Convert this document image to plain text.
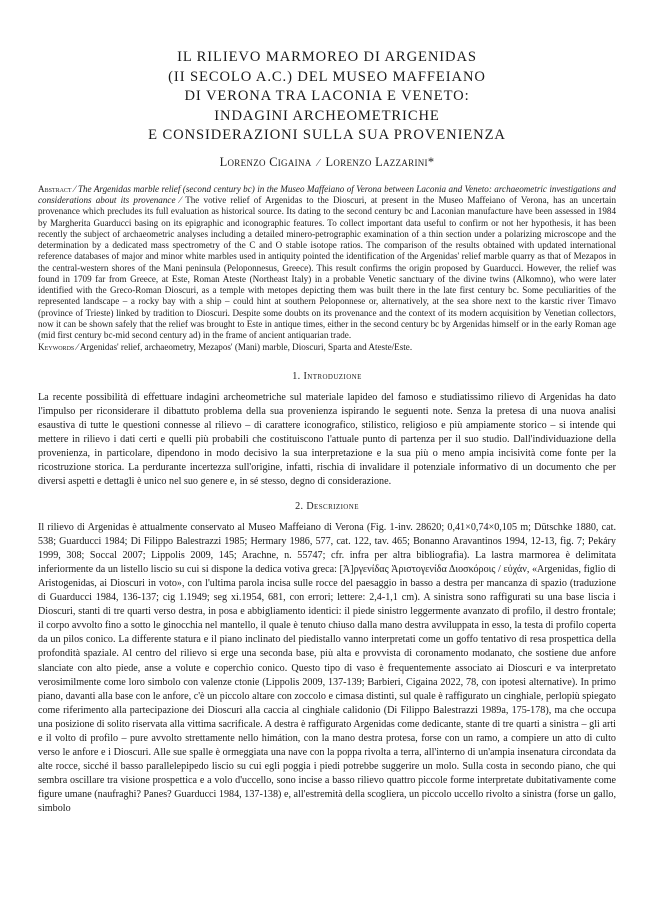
IL RILIEVO MARMOREO DI ARGENIDAS
(II SECOLO A.C.) DEL MUSEO MAFFEIANO
DI VERONA TRA LACONIA E VENETO:
INDAGINI ARCHEOMETRICHE
E CONSIDERAZIONI SULLA SUA PROVENIENZA
Lorenzo Cigaina ⁄ Lorenzo Lazzarini*
Abstract ⁄ The Argenidas marble relief (second century bc) in the Museo Maffeiano of Verona between Laconia and Veneto: archaeometric investigations and considerations about its provenance ⁄ The votive relief of Argenidas to the Dioscuri, at present in the Museo Maffeiano of Verona, has an uncertain provenance which precludes its full evaluation as historical source. Its dating to the second century bc and Laconian manufacture have been assessed in 1984 by Margherita Guarducci basing on its epigraphic and iconographic features. To collect important data useful to confirm or not her hypothesis, it has been recently the subject of archaeometric analyses including a detailed minero-petrographic examination of a thin section under a polarizing microscope and the determination by a dedicated mass spectrometry of the C and O stable isotope ratios. The comparison of the results obtained with updated international reference databases of major and minor white marbles used in antiquity pointed the identification of the Argenidas' relief marble quarry as that of Mezapos in the central-western shores of the Mani peninsula (Peloponnesus, Greece). This result confirms the origin proposed by Guarducci. However, the relief was found in 1709 far from Greece, at Este, Roman Ateste (Northeast Italy) in a probable Venetic sanctuary of the divine twins (Alkomno), who were later identified with the Greco-Roman Dioscuri, as a temple with metopes depicting them was built there in the late first century bc. Some peculiarities of the represented landscape – a rocky bay with a ship – could hint at southern Peloponnese or, alternatively, at the sea shore next to the karstic river Timavo (province of Trieste) linked by tradition to Dioscuri. Despite some doubts on its provenance and the context of its modern acquisition by Venetian collectors, now it can be shown safely that the relief was brought to Este in antique times, either in the second century bc by Argenidas himself or in the early Roman age (mid first century bc-mid second century ad) in the frame of ancient antiquarian trade.
Keywords ⁄ Argenidas' relief, archaeometry, Mezapos' (Mani) marble, Dioscuri, Sparta and Ateste/Este.
1. Introduzione
La recente possibilità di effettuare indagini archeometriche sul materiale lapideo del famoso e studiatissimo rilievo di Argenidas ha dato l'impulso per riconsiderare il dibattuto problema della sua provenienza ispirando le seguenti note. Senza la pretesa di una nuova analisi esaustiva di tutte le questioni connesse al rilievo – di carattere iconografico, stilistico, religioso e più ampiamente storico – si intende qui mettere in rilievo i dati certi e quelli più probabili che costituiscono l'attuale punto di partenza per il suo studio. Dall'individuazione della provenienza, in particolare, dipendono in modo decisivo la sua interpretazione e la sua più o meno ampia incisività come fonte per la ricostruzione storica. La perdurante incertezza sull'origine, infatti, rischia di invalidare il potenziale informativo di un documento che per diversi aspetti e dettagli è unico nel suo genere e, in sé stesso, degno di considerazione.
2. Descrizione
Il rilievo di Argenidas è attualmente conservato al Museo Maffeiano di Verona (Fig. 1-inv. 28620; 0,41×0,74×0,105 m; Dütschke 1880, cat. 538; Guarducci 1984; Di Filippo Balestrazzi 1985; Hermary 1986, 577, cat. 122, tav. 465; Bonanno Aravantinos 1994, 12-13, fig. 7; Pekáry 1999, 308; Soccal 2007; Lippolis 2009, 145; Arachne, n. 55747; cfr. infra per altra bibliografia). La lastra marmorea è delimitata inferiormente da un listello liscio su cui si dispone la dedica votiva greca: [Ἀ]ργενίδας Ἀριστογενίδα Διοσκόροις / εὐχάν, «Argenidas, figlio di Aristogenidas, ai Dioscuri in voto», con l'ultima parola incisa sulle rocce del paesaggio in basso a destra per mancanza di spazio (traduzione di Guarducci 1984, 136-137; cig 1.1949; seg xi.1954, 681, con errori; lettere: 2,4-1,1 cm). A sinistra sono raffigurati su una base liscia i Dioscuri, stanti di tre quarti verso destra, in posa e abbigliamento identici: il piede sinistro leggermente avanzato di profilo, il destro frontale; il corpo avvolto fino a sotto le ginocchia nel mantello, il quale è tenuto chiuso dalla mano destra avviluppata in esso, la testa di profilo coperta da un pilos conico. La differente statura e il piano inclinato del piedistallo vanno interpretati come un goffo tentativo di resa prospettica della profondità spaziale. Al centro del rilievo si erge una seconda base, più alta e provvista di coronamento modanato, che sostiene due anfore slanciate con alto piede, anse a volute e coperchio conico. Questo tipo di vaso è frequentemente associato ai Dioscuri e va interpretato verosimilmente come loro simbolo con valenze ctonie (Lippolis 2009, 137-139; Barbieri, Cigaina 2022, 78, con ipotesi alternative). In primo piano, davanti alla base con le anfore, c'è un piccolo altare con zoccolo e cimasa distinti, sul quale è raffigurato un cinghiale, perlopiù spiegato come riferimento alla partecipazione dei Dioscuri alla caccia al cinghiale calidonio (Di Filippo Balestrazzi 1989a, 175-178), ma che occupa una posizione di solito riservata alla vittima sacrificale. A destra è raffigurato Argenidas come dedicante, stante di tre quarti a sinistra – gli arti e il volto di profilo – pure avvolto strettamente nello himátion, con la mano destra protesa, forse con un ramo, a compiere un atto di culto verso le anfore e i Dioscuri. Alle sue spalle è ormeggiata una nave con la poppa rivolta a terra, all'interno di un'ampia insenatura circondata da alte rocce, sicché il basso parallelepipedo liscio su cui egli poggia i piedi potrebbe suggerire un molo. Sulla costa in secondo piano, che qui sembra oscillare tra visione prospettica e a volo d'uccello, sono incise a basso rilievo quattro piccole forme interpretate dubitativamente come figure umane (naufraghi? Panes? Guarducci 1984, 137-138) e, all'estremità della scogliera, un piccolo uccello rivolto a sinistra (forse un gallo, simbolo
